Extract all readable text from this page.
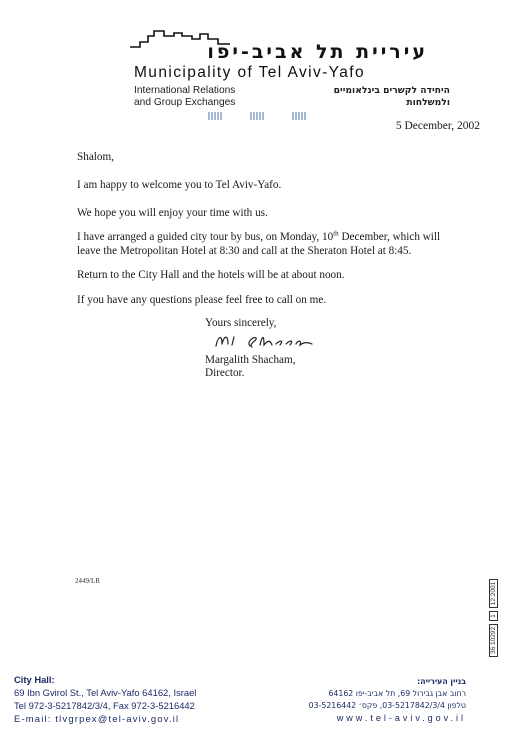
עיריית תל אביב-יפו
Municipality of Tel Aviv-Yafo
International Relations
and Group Exchanges
היחידה לקשרים בינלאומיים
ולמשלחות
5 December, 2002
Shalom,
I am happy to welcome you to Tel Aviv-Yafo.
We hope you will enjoy your time with us.
I have arranged a guided city tour by bus, on Monday, 10th December, which will leave the Metropolitan Hotel at 8:30 and call at the Sheraton Hotel at 8:45.
Return to the City Hall and the hotels will be at about noon.
If you have any questions please feel free to call on me.
Yours sincerely,
Margalith Shacham,
Director.
2449/LR
36 10292112.2001
City Hall:
69 Ibn Gvirol St., Tel Aviv-Yafo 64162, Israel
Tel 972-3-5217842/3/4, Fax 972-3-5216442
E-mail: tlvgrpex@tel-aviv.gov.il
בניין העירייה:
רחוב אבן גבירול 69, תל אביב-יפו 64162
טלפון 03-5217842/3/4, פקס׳ 03-5216442
www.tel-aviv.gov.il
